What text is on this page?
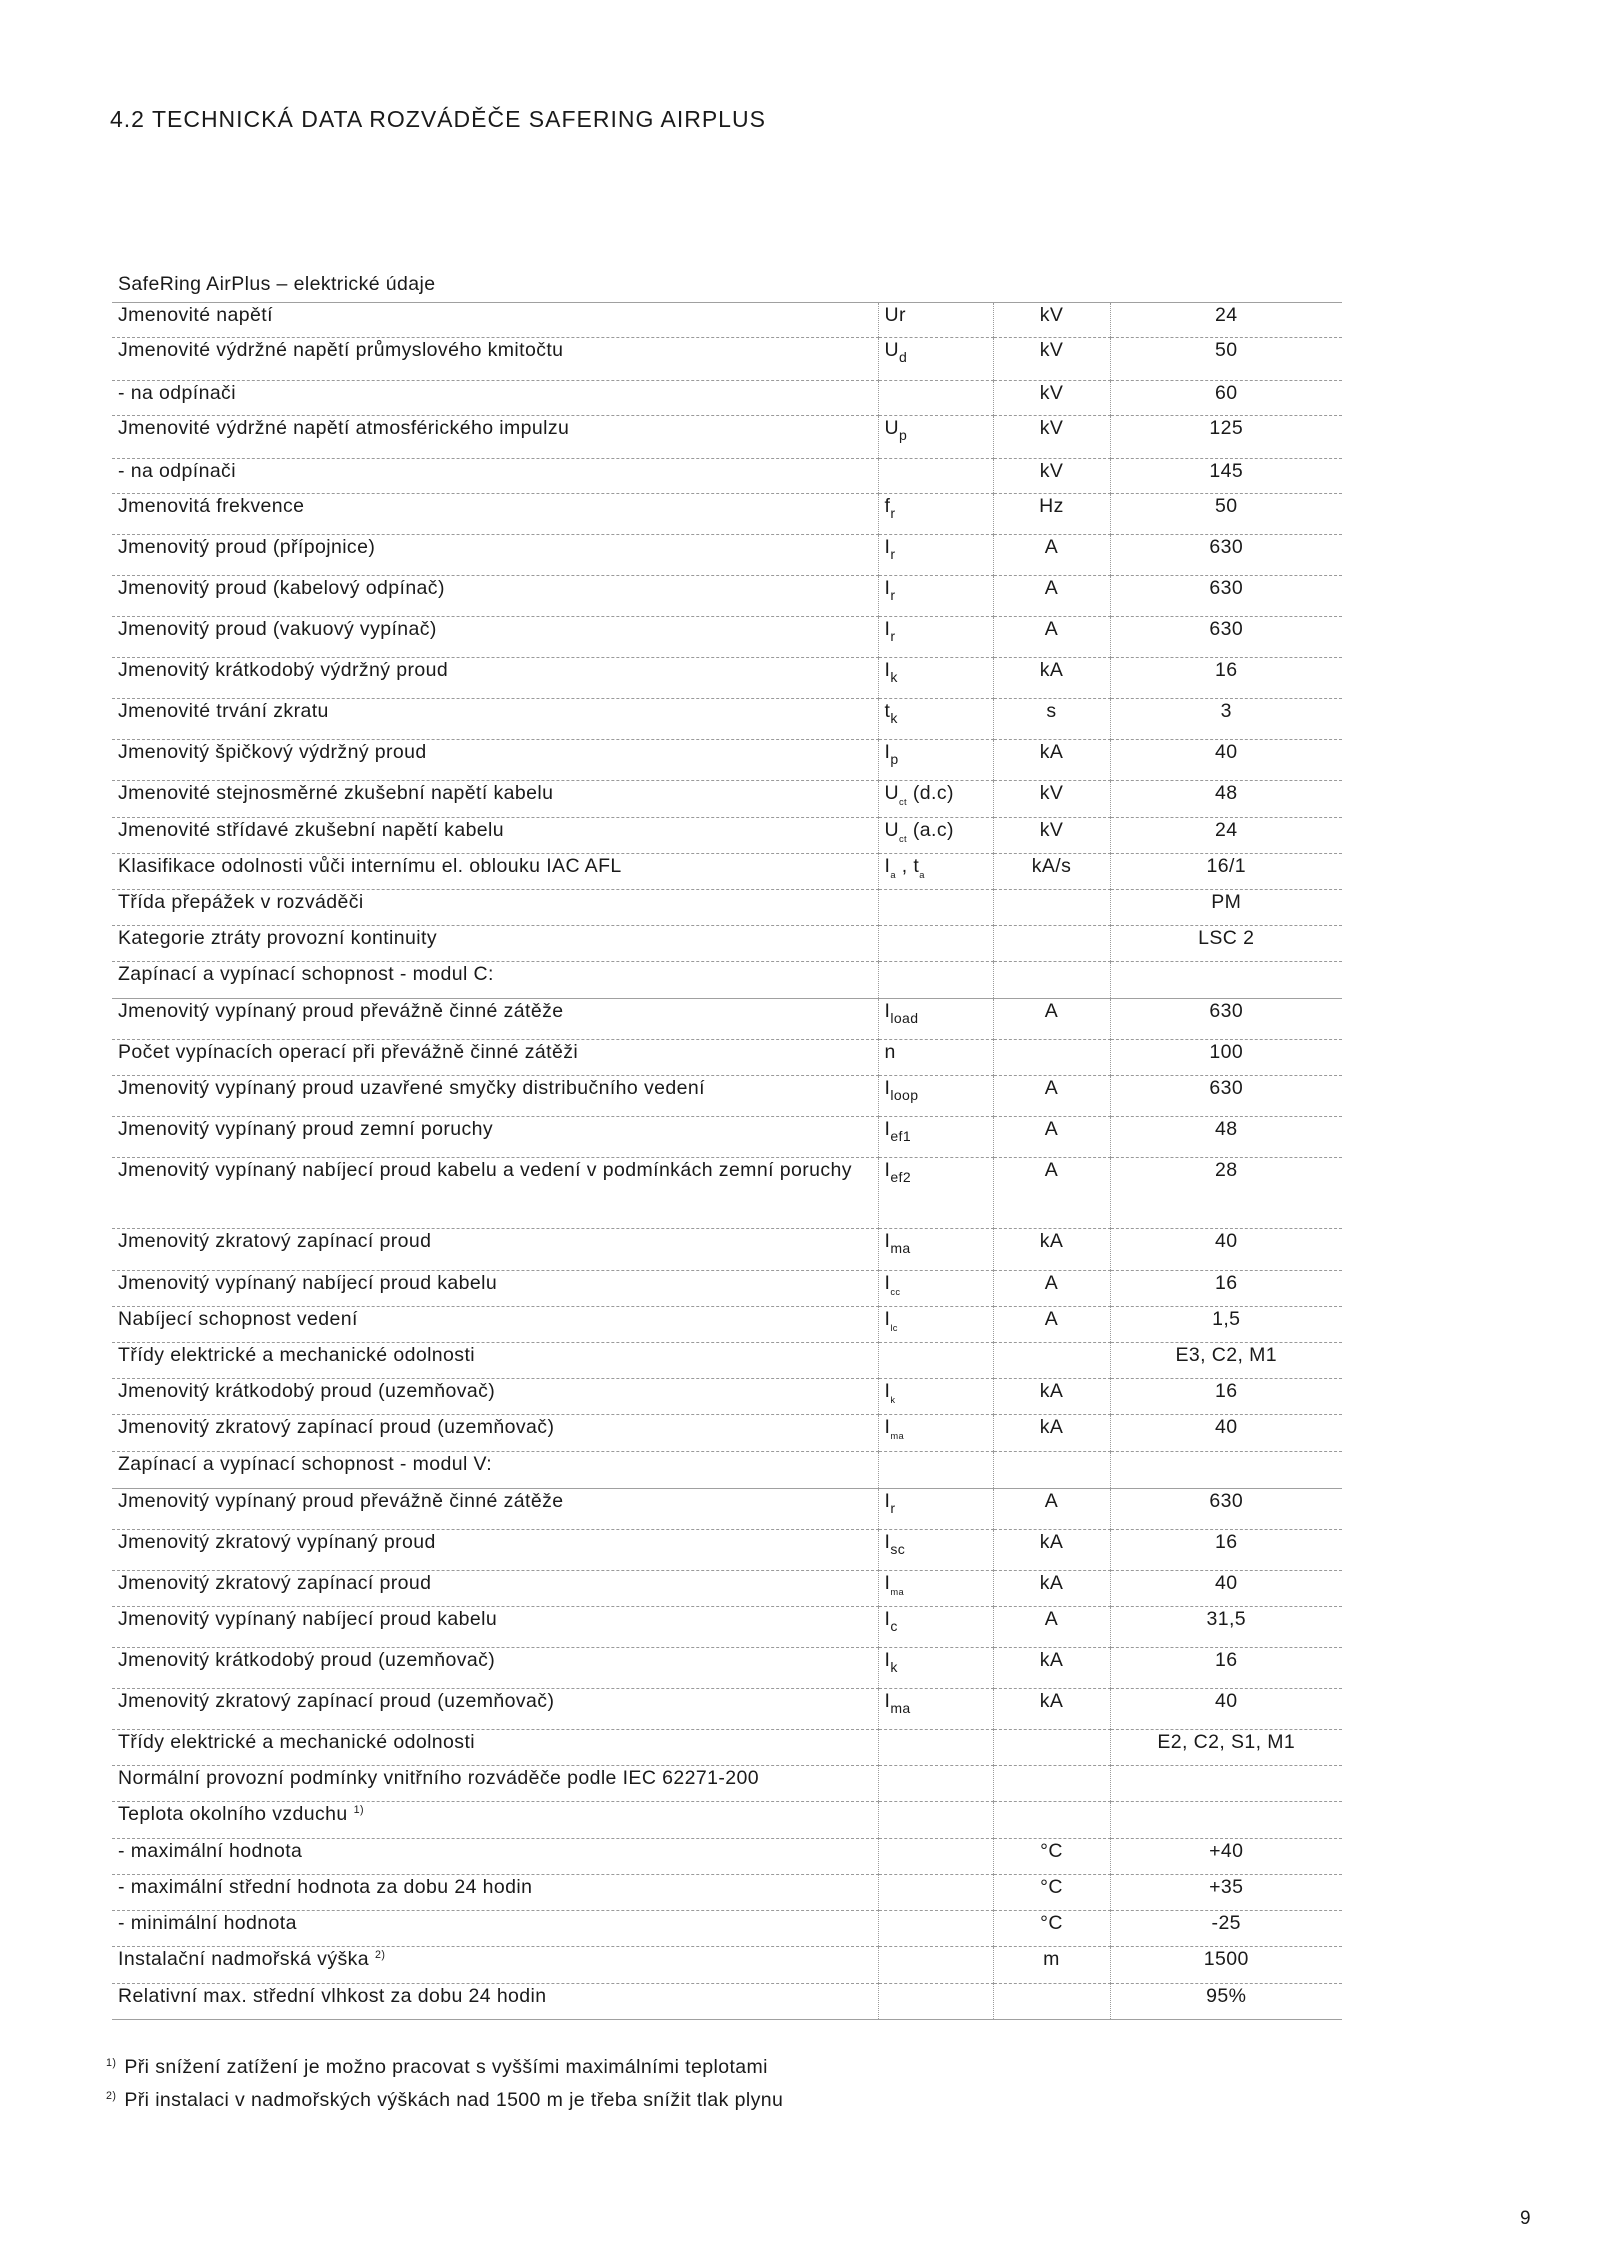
4.2 TECHNICKÁ DATA ROZVÁDĚČE SAFERING AIRPLUS
SafeRing AirPlus – elektrické údaje			
Jmenovité napětí	Ur	kV	24
Jmenovité výdržné napětí průmyslového kmitočtu	$U_d$	kV	50
- na odpínači		kV	60
Jmenovité výdržné napětí atmosférického impulzu	$U_p$	kV	125
- na odpínači		kV	145
Jmenovitá frekvence	$f_r$	Hz	50
Jmenovitý proud (přípojnice)	$I_r$	A	630
Jmenovitý proud (kabelový odpínač)	$I_r$	A	630
Jmenovitý proud (vakuový vypínač)	$I_r$	A	630
Jmenovitý krátkodobý výdržný proud	$I_k$	kA	16
Jmenovité trvání zkratu	$t_k$	s	3
Jmenovitý špičkový výdržný proud	$I_p$	kA	40
Jmenovité stejnosměrné zkušební napětí kabelu	$U_{ct}$ (d.c)	kV	48
Jmenovité střídavé zkušební napětí kabelu	$U_{ct}$ (a.c)	kV	24
Klasifikace odolnosti vůči internímu el. oblouku IAC AFL	$I_a$ , $t_a$	kA/s	16/1
Třída přepážek v rozváděči			PM
Kategorie ztráty provozní kontinuity			LSC 2
Zapínací a vypínací schopnost - modul C:			
Jmenovitý vypínaný proud převážně činné zátěže	$I_{load}$	A	630
Počet vypínacích operací při převážně činné zátěži	n		100
Jmenovitý vypínaný proud uzavřené smyčky distribučního vedení	$I_{loop}$	A	630
Jmenovitý vypínaný proud zemní poruchy	$I_{ef1}$	A	48
Jmenovitý vypínaný nabíjecí proud kabelu a vedení v podmínkách zemní poruchy	$I_{ef2}$	A	28
Jmenovitý zkratový zapínací proud	$I_{ma}$	kA	40
Jmenovitý vypínaný nabíjecí proud kabelu	$I_{cc}$	A	16
Nabíjecí schopnost vedení	$I_{lc}$	A	1,5
Třídy elektrické a mechanické odolnosti			E3, C2, M1
Jmenovitý krátkodobý proud (uzemňovač)	$I_k$	kA	16
Jmenovitý zkratový zapínací proud (uzemňovač)	$I_{ma}$	kA	40
Zapínací a vypínací schopnost - modul V:			
Jmenovitý vypínaný proud převážně činné zátěže	$I_r$	A	630
Jmenovitý zkratový vypínaný proud	$I_{sc}$	kA	16
Jmenovitý zkratový zapínací proud	$I_{ma}$	kA	40
Jmenovitý vypínaný nabíjecí proud kabelu	$I_c$	A	31,5
Jmenovitý krátkodobý proud (uzemňovač)	$I_k$	kA	16
Jmenovitý zkratový zapínací proud (uzemňovač)	$I_{ma}$	kA	40
Třídy elektrické a mechanické odolnosti			E2, C2, S1, M1
Normální provozní podmínky vnitřního rozváděče podle IEC 62271-200			
Teplota okolního vzduchu $^{1)}$			
- maximální hodnota		°C	+40
- maximální střední hodnota za dobu 24 hodin		°C	+35
- minimální hodnota		°C	-25
Instalační nadmořská výška $^{2)}$		m	1500
Relativní max. střední vlhkost za dobu 24 hodin			95%
$^{1)}$ Při snížení zatížení je možno pracovat s vyššími maximálními teplotami
$^{2)}$ Při instalaci v nadmořských výškách nad 1500 m je třeba snížit tlak plynu
9
